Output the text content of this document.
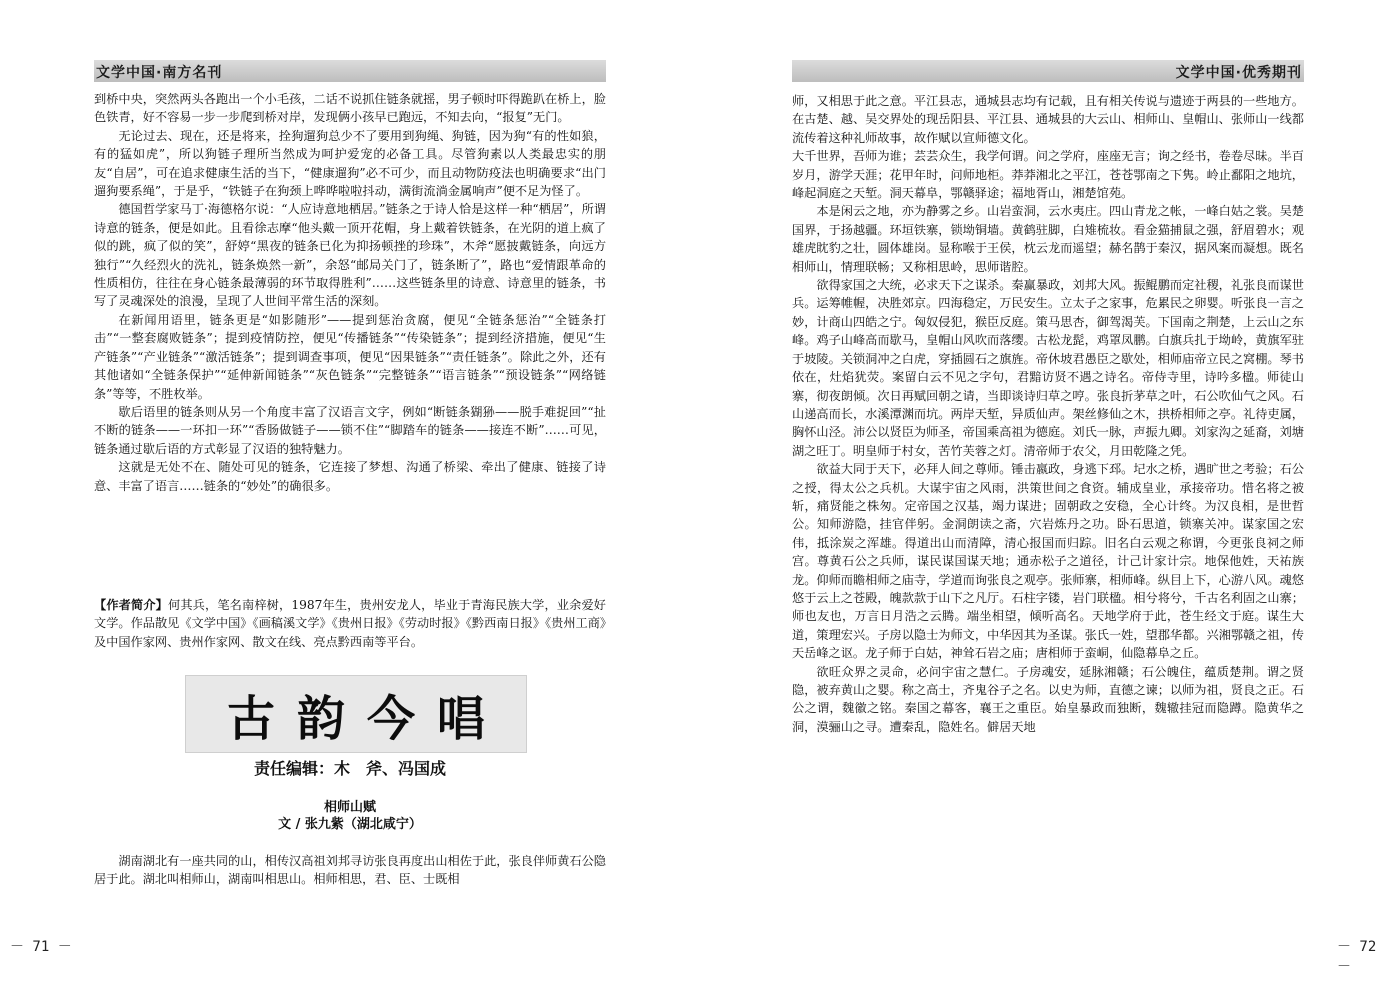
文学中国·南方名刊	文学中国·优秀期刊

到桥中央，突然两头各跑出一个小毛孩，二话不说抓住链条就摇，男子顿时吓得跪趴在桥上，脸色铁青，好不容易一步一步爬到桥对岸，发现俩小孩早已跑远，不知去向，“报复”无门。

无论过去、现在，还是将来，拴狗遛狗总少不了要用到狗绳、狗链，因为狗“有的性如狼，有的猛如虎”，所以狗链子理所当然成为呵护爱宠的必备工具。尽管狗素以人类最忠实的朋友“自居”，可在追求健康生活的当下，“健康遛狗”必不可少，而且动物防疫法也明确要求“出门遛狗要系绳”，于是乎，“铁链子在狗颈上哗哗啦啦抖动，满街流淌金属响声”便不足为怪了。

德国哲学家马丁·海德格尔说：“人应诗意地栖居。”链条之于诗人恰是这样一种“栖居”，所谓诗意的链条，便是如此。且看徐志摩“他头戴一顶开花帽，身上戴着铁链条，在光阴的道上疯了似的跳，疯了似的笑”，舒婷“黑夜的链条已化为抑扬顿挫的珍珠”，木斧“愿披戴链条，向远方独行”“久经烈火的洗礼，链条焕然一新”，余怒“邮局关门了，链条断了”，路也“爱情跟革命的性质相仿，往往在身心链条最薄弱的环节取得胜利”……这些链条里的诗意、诗意里的链条，书写了灵魂深处的浪漫，呈现了人世间平常生活的深刻。

在新闻用语里，链条更是“如影随形”——提到惩治贪腐，便见“全链条惩治”“全链条打击”“一整套腐败链条”；提到疫情防控，便见“传播链条”“传染链条”；提到经济措施，便见“生产链条”“产业链条”“激活链条”；提到调查事项，便见“因果链条”“责任链条”。除此之外，还有其他诸如“全链条保护”“延伸新闻链条”“灰色链条”“完整链条”“语言链条”“预设链条”“网络链条”等等，不胜枚举。

歇后语里的链条则从另一个角度丰富了汉语言文字，例如“断链条猢狲——脱手难捉回”“扯不断的链条——一环扣一环”“香肠做链子——锁不住”“脚踏车的链条——接连不断”……可见，链条通过歇后语的方式彰显了汉语的独特魅力。

这就是无处不在、随处可见的链条，它连接了梦想、沟通了桥梁、牵出了健康、链接了诗意、丰富了语言……链条的“妙处”的确很多。

【作者简介】何其兵，笔名南梓树，1987年生，贵州安龙人，毕业于青海民族大学，业余爱好文学。作品散见《文学中国》《画稿溪文学》《贵州日报》《劳动时报》《黔西南日报》《贵州工商》及中国作家网、贵州作家网、散文在线、亮点黔西南等平台。

古韵今唱
责任编辑：木　斧、冯国成
相师山赋
文 / 张九紫（湖北咸宁）

湖南湖北有一座共同的山，相传汉高祖刘邦寻访张良再度出山相佐于此，张良伴师黄石公隐居于此。湖北叫相师山，湖南叫相思山。相师相思，君、臣、士既相

师，又相思于此之意。平江县志，通城县志均有记载，且有相关传说与遗迹于两县的一些地方。在古楚、越、吴交界处的现岳阳县、平江县、通城县的大云山、相师山、皇帽山、张师山一线都流传着这种礼师故事，故作赋以宣师德文化。

大千世界，吾师为谁；芸芸众生，我学何谓。问之学府，座座无言；询之经书，卷卷尽昧。半百岁月，游学天涯；花甲年时，问师地柜。莽莽湘北之平江，苍苍鄂南之下隽。岭止鄱阳之地坑，峰起洞庭之天堑。洞天幕阜，鄂赣驿途；福地胥山，湘楚馆苑。

本是闲云之地，亦为静雾之乡。山岩蛮洞，云水夷庄。四山青龙之帐，一峰白姑之裳。吴楚国界，于扬越疆。环垣铁寨，锁坳铜墙。黄鹤驻脚，白雉梳妆。看金猫捕鼠之强，舒眉碧水；观雄虎眈豹之壮，圆体雄岗。显称喉于王侯，枕云龙而遥望；赫名鹊于秦汉，据风案而凝想。既名相师山，情理联畅；又称相思岭，思师谐腔。

欲得家国之大统，必求天下之谋杀。秦赢暴政，刘邦大风。振鲲鹏而定社稷，礼张良而谋世兵。运筹帷幄，决胜郊京。四海稳定，万民安生。立太子之家事，危累民之卵婴。听张良一言之妙，计商山四皓之宁。匈奴侵犯，猴臣反庭。策马思杏，御驾渴芙。下国南之荆楚，上云山之东峰。鸡子山峰高而歇马，皇帽山风吹而落缨。古松龙髭，鸡罩凤鹏。白旗兵扎于坳岭，黄旗军驻于坡陵。关锁洞冲之白虎，穿插圆石之旗旌。帝休坡君愚臣之歇处，相师庙帝立民之窝棚。琴书依在，灶焰犹荧。案留白云不见之字句，君黯访贤不遇之诗名。帝侍寺里，诗吟多楹。师徒山寨，彻夜朗倾。次日再赋回朝之请，当即谈诗归草之哼。张良折茅草之叶，石公吹仙气之风。石山递高而长，水溪潭渊而坑。两岸天堑，异质仙声。架丝修仙之木，拱桥相师之亭。礼待吏属，胸怀山泾。沛公以贤臣为师圣，帝国乘高祖为德庭。刘氏一脉，声振九卿。刘家沟之延裔，刘塘湖之旺丁。明皇师于村女，苦竹芙蓉之灯。清帝师于农父，月田乾隆之凭。

欲益大同于天下，必拜人间之尊师。锤击嬴政，身逃下邳。圮水之桥，遇旷世之考验；石公之授，得太公之兵机。大谋宇宙之风雨，洪策世间之食资。辅成皇业，承接帝功。惜名将之被斩，痛贤能之株匆。定帝国之汉基，竭力谋进；固朝政之安稳，全心计终。为汉良相，是世哲公。知师游隐，挂官伴躬。金洞朗读之斋，穴岩炼丹之功。卧石思道，锁寨关冲。谋家国之宏伟，抵涂炭之浑雄。得道出山而清障，清心报国而归踪。旧名白云观之称谓，今更张良祠之师宫。尊黄石公之兵师，谋民谋国谋天地；通赤松子之道径，计己计家计宗。地保他姓，天祐族龙。仰师而瞻相师之庙寺，学道而询张良之观亭。张师寨，相师峰。纵目上下，心游八风。魂悠悠于云上之苍殿，魄款款于山下之凡厅。石柱字镂，岩门联楹。相兮将兮，千古名利固之山寨；师也友也，万言日月浩之云腾。端坐相望，倾听高名。天地学府于此，苍生经文于庭。谋生大道，策理宏兴。子房以隐士为师文，中华因其为圣谋。张氏一姓，望郡华都。兴湘鄂赣之祖，传天岳峰之讴。龙子师于白姑，神耸石岩之庙；唐相师于蛮峒，仙隐幕阜之丘。

欲旺众界之灵命，必问宇宙之慧仁。子房魂安，延脉湘赣；石公魄住，蕴质楚荆。谓之贤隐，被弃黄山之婴。称之高士，齐鬼谷子之名。以史为师，直德之谏；以师为祖，贤良之正。石公之谓，魏徽之铭。秦国之幕客，襄王之重臣。始皇暴政而独断，魏辙挂冠而隐蹲。隐黄华之洞，漠骊山之寻。遭秦乱，隐姓名。僻居天地

－ 71 －	－ 72 －
